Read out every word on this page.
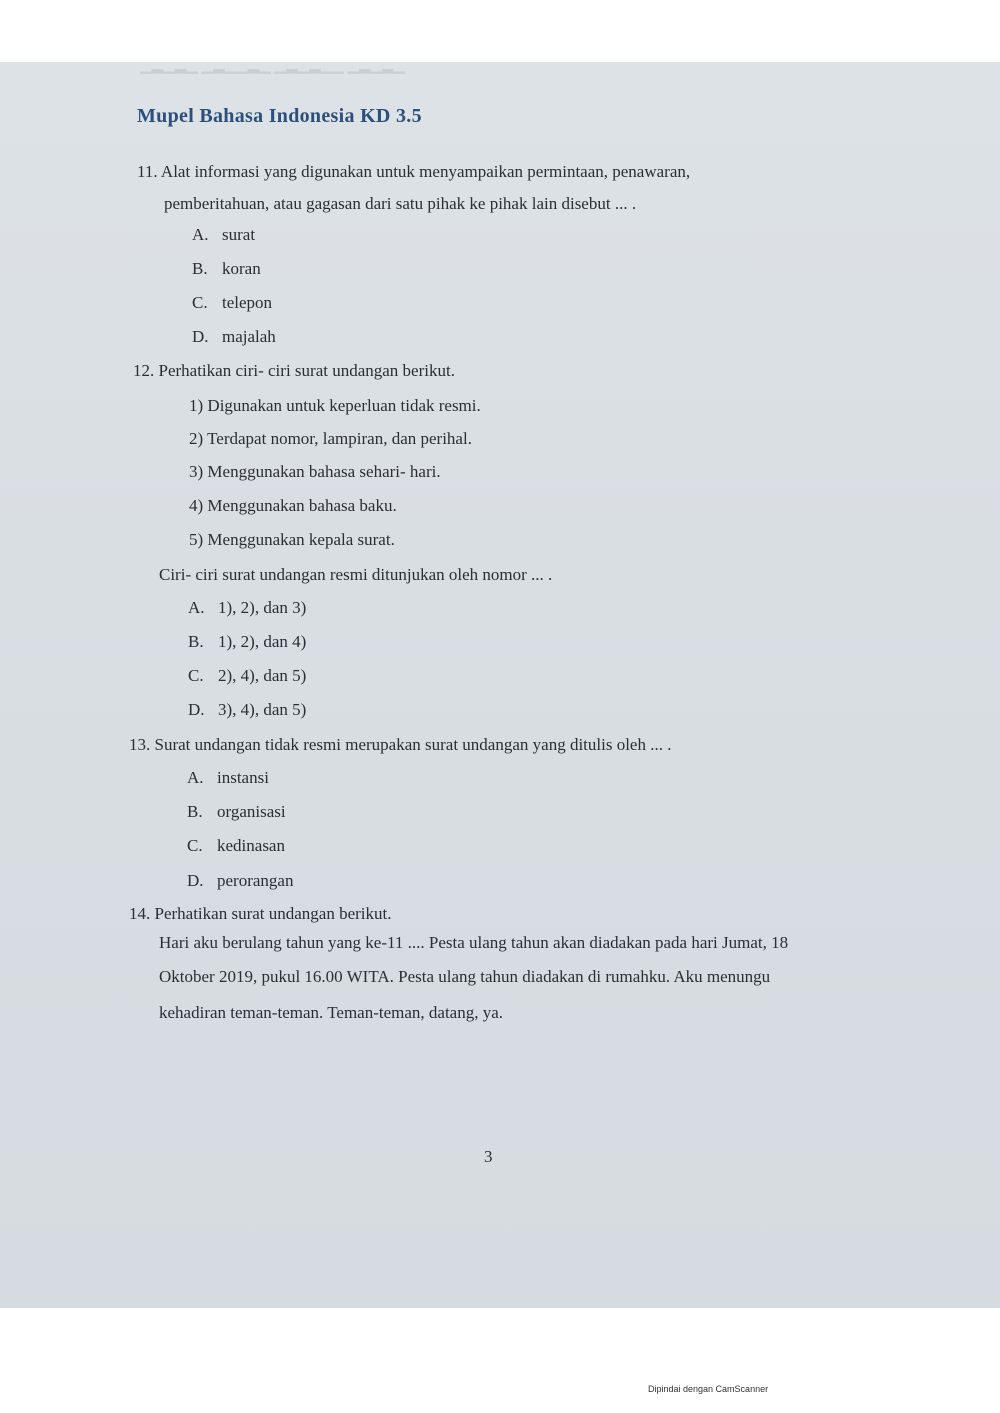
▁▂▁▂▁ ▁▂▁▁▂▁ ▁▂▁▂▁▁ ▁▂▁▂▁
Mupel Bahasa Indonesia KD 3.5
11. Alat informasi yang digunakan untuk menyampaikan permintaan, penawaran,
pemberitahuan, atau gagasan dari satu pihak ke pihak lain disebut ... .
A. surat
B. koran
C. telepon
D. majalah
12. Perhatikan ciri- ciri surat undangan berikut.
1) Digunakan untuk keperluan tidak resmi.
2) Terdapat nomor, lampiran, dan perihal.
3) Menggunakan bahasa sehari- hari.
4) Menggunakan bahasa baku.
5) Menggunakan kepala surat.
Ciri- ciri surat undangan resmi ditunjukan oleh nomor ... .
A. 1), 2), dan 3)
B. 1), 2), dan 4)
C. 2), 4), dan 5)
D. 3), 4), dan 5)
13. Surat undangan tidak resmi merupakan surat undangan yang ditulis oleh ... .
A. instansi
B. organisasi
C. kedinasan
D. perorangan
14. Perhatikan surat undangan berikut.
Hari aku berulang tahun yang ke-11 .... Pesta ulang tahun akan diadakan pada hari Jumat, 18
Oktober 2019, pukul 16.00 WITA. Pesta ulang tahun diadakan di rumahku. Aku menungu
kehadiran teman-teman. Teman-teman, datang, ya.
3
Dipindai dengan CamScanner
